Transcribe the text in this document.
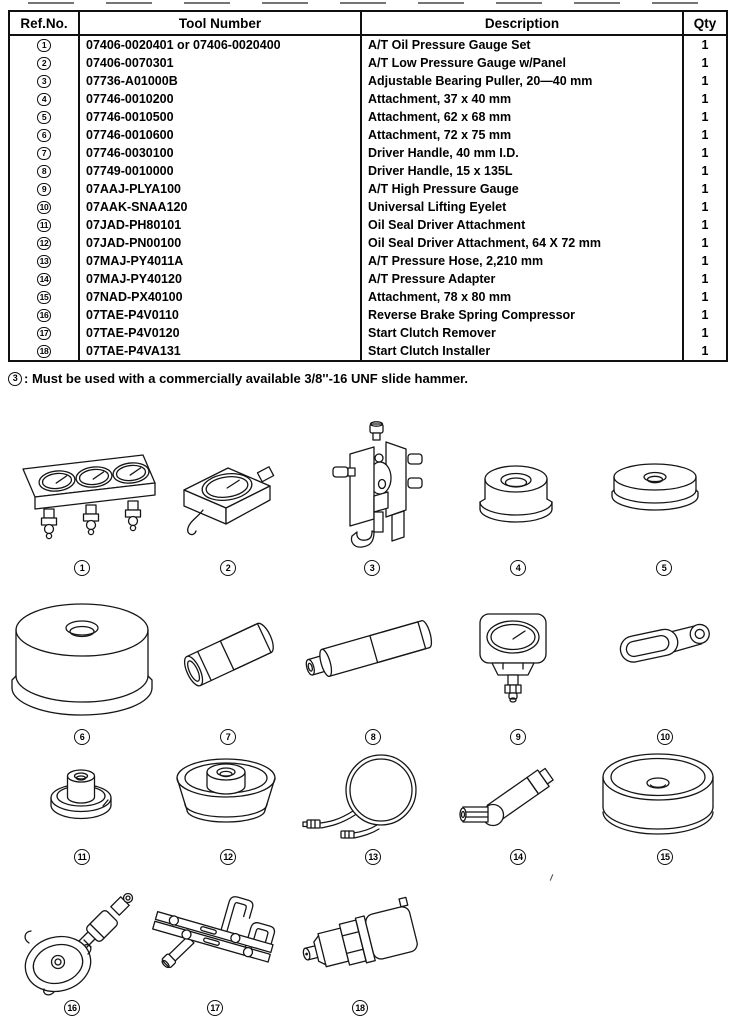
Ref.No.	Tool Number	Description	Qty
1	07406-0020401 or 07406-0020400	A/T Oil Pressure Gauge Set	1
2	07406-0070301	A/T Low Pressure Gauge w/Panel	1
3	07736-A01000B	Adjustable Bearing Puller, 20—40 mm	1
4	07746-0010200	Attachment, 37 x 40 mm	1
5	07746-0010500	Attachment, 62 x 68 mm	1
6	07746-0010600	Attachment, 72 x 75 mm	1
7	07746-0030100	Driver Handle, 40 mm I.D.	1
8	07749-0010000	Driver Handle, 15 x 135L	1
9	07AAJ-PLYA100	A/T High Pressure Gauge	1
10	07AAK-SNAA120	Universal Lifting Eyelet	1
11	07JAD-PH80101	Oil Seal Driver Attachment	1
12	07JAD-PN00100	Oil Seal Driver Attachment, 64 X 72 mm	1
13	07MAJ-PY4011A	A/T Pressure Hose, 2,210 mm	1
14	07MAJ-PY40120	A/T Pressure Adapter	1
15	07NAD-PX40100	Attachment, 78 x 80 mm	1
16	07TAE-P4V0110	Reverse Brake Spring Compressor	1
17	07TAE-P4V0120	Start Clutch Remover	1
18	07TAE-P4VA131	Start Clutch Installer	1
3 : Must be used with a commercially available 3/8''-16 UNF slide hammer.
1	2	3	4	5
6	7	8	9	10
11	12	13	14	15
16	17	18
